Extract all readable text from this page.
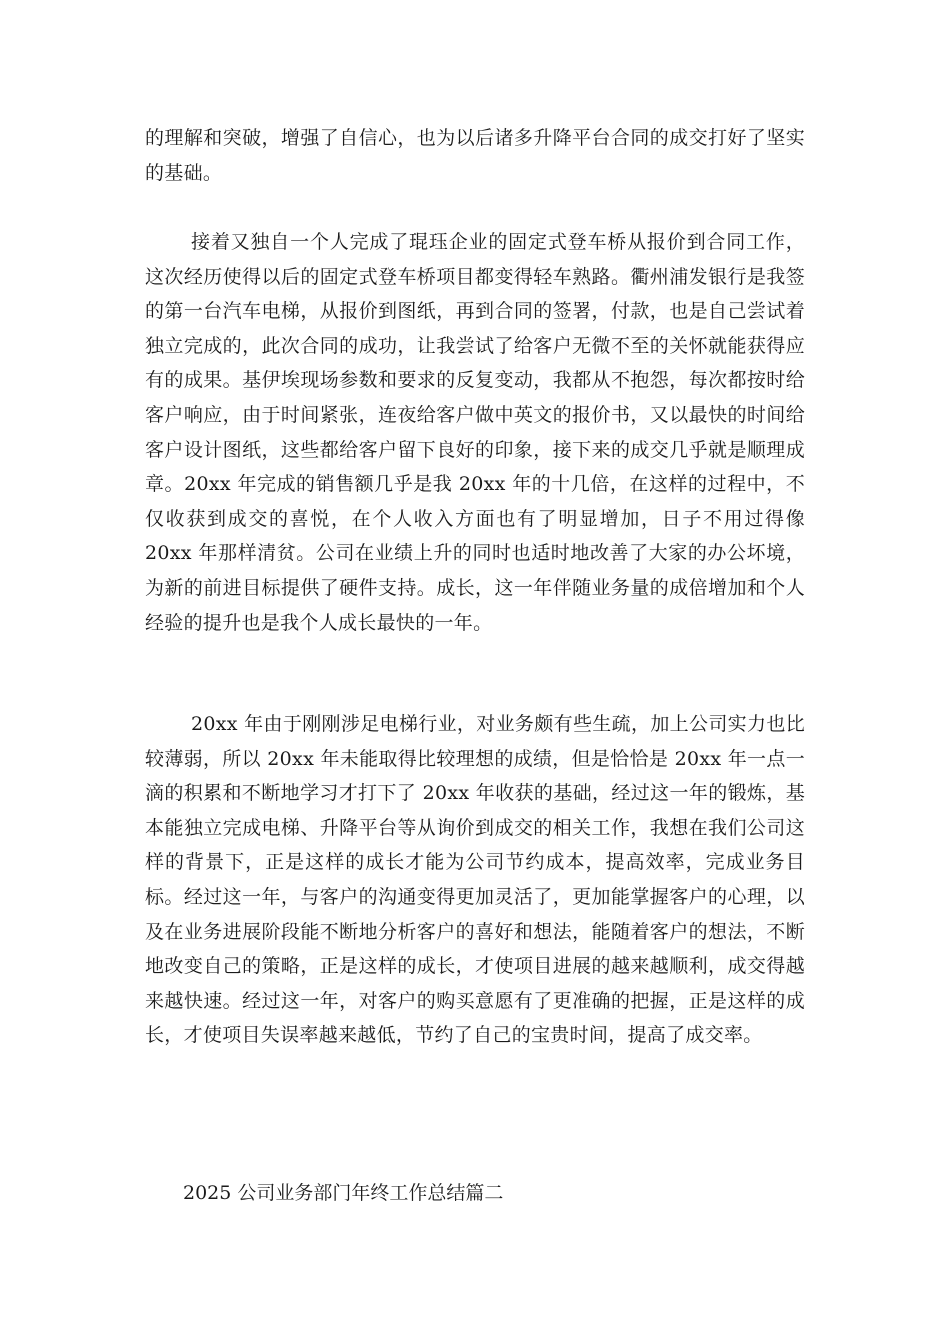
的理解和突破，增强了自信心，也为以后诸多升降平台合同的成交打好了坚实的基础。

接着又独自一个人完成了琨珏企业的固定式登车桥从报价到合同工作，这次经历使得以后的固定式登车桥项目都变得轻车熟路。衢州浦发银行是我签的第一台汽车电梯，从报价到图纸，再到合同的签署，付款，也是自己尝试着独立完成的，此次合同的成功，让我尝试了给客户无微不至的关怀就能获得应有的成果。基伊埃现场参数和要求的反复变动，我都从不抱怨，每次都按时给客户响应，由于时间紧张，连夜给客户做中英文的报价书，又以最快的时间给客户设计图纸，这些都给客户留下良好的印象，接下来的成交几乎就是顺理成章。20xx 年完成的销售额几乎是我 20xx 年的十几倍，在这样的过程中，不仅收获到成交的喜悦，在个人收入方面也有了明显增加，日子不用过得像 20xx 年那样清贫。公司在业绩上升的同时也适时地改善了大家的办公坏境，为新的前进目标提供了硬件支持。成长，这一年伴随业务量的成倍增加和个人经验的提升也是我个人成长最快的一年。

20xx 年由于刚刚涉足电梯行业，对业务颇有些生疏，加上公司实力也比较薄弱，所以 20xx 年未能取得比较理想的成绩，但是恰恰是 20xx 年一点一滴的积累和不断地学习才打下了 20xx 年收获的基础，经过这一年的锻炼，基本能独立完成电梯、升降平台等从询价到成交的相关工作，我想在我们公司这样的背景下，正是这样的成长才能为公司节约成本，提高效率，完成业务目标。经过这一年，与客户的沟通变得更加灵活了，更加能掌握客户的心理，以及在业务进展阶段能不断地分析客户的喜好和想法，能随着客户的想法，不断地改变自己的策略，正是这样的成长，才使项目进展的越来越顺利，成交得越来越快速。经过这一年，对客户的购买意愿有了更准确的把握，正是这样的成长，才使项目失误率越来越低，节约了自己的宝贵时间，提高了成交率。

2025 公司业务部门年终工作总结篇二
